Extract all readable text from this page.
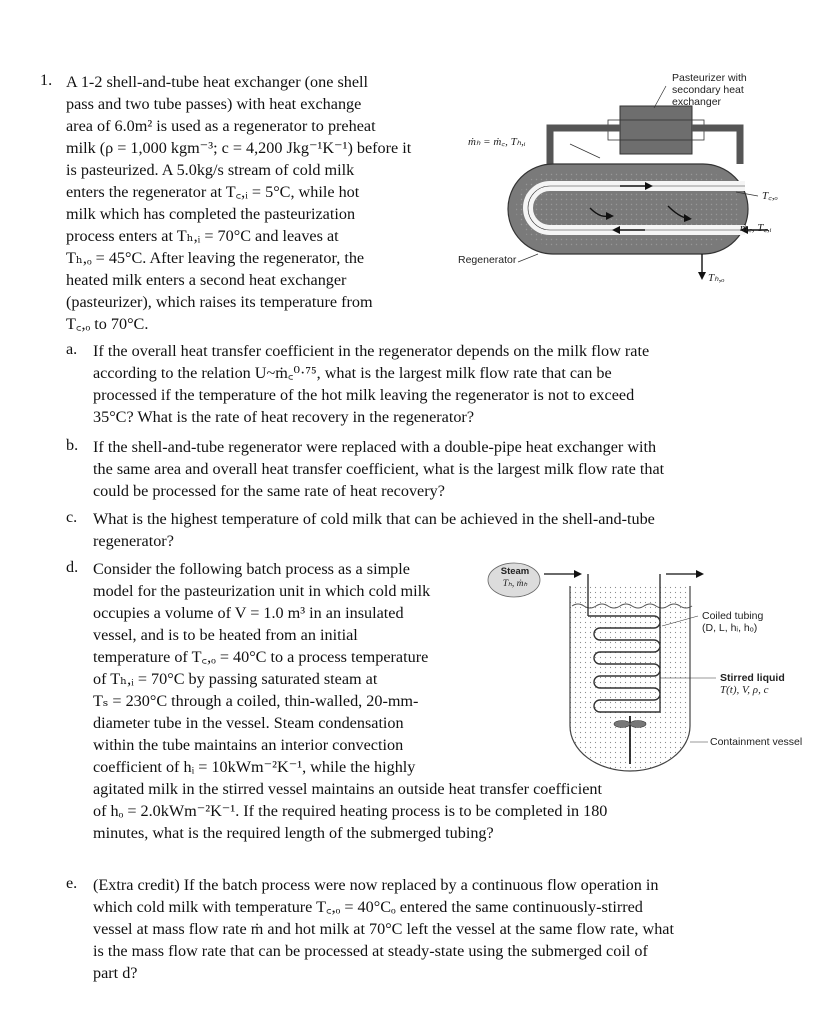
1. A 1-2 shell-and-tube heat exchanger (one shell

pass and two tube passes) with heat exchange

area of 6.0m² is used as a regenerator to preheat

milk (ρ = 1,000 kgm⁻³; c = 4,200 Jkg⁻¹K⁻¹) before it

is pasteurized. A 5.0kg/s stream of cold milk

enters the regenerator at T꜀,ᵢ = 5°C, while hot

milk which has completed the pasteurization

process enters at Tₕ,ᵢ = 70°C and leaves at

Tₕ,ₒ = 45°C. After leaving the regenerator, the

heated milk enters a second heat exchanger

(pasteurizer), which raises its temperature from

T꜀,ₒ to 70°C.

Pasteurizer with
secondary heat exchanger
ṁₕ = ṁ꜀, Tₕ,ᵢ
Regenerator
T꜀,ₒ
ṁ꜀, T꜀,ᵢ
Tₕ,ₒ
a. If the overall heat transfer coefficient in the regenerator depends on the milk flow rate

according to the relation U~ṁ꜀⁰·⁷⁵, what is the largest milk flow rate that can be

processed if the temperature of the hot milk leaving the regenerator is not to exceed

35°C? What is the rate of heat recovery in the regenerator?

b. If the shell-and-tube regenerator were replaced with a double-pipe heat exchanger with

the same area and overall heat transfer coefficient, what is the largest milk flow rate that

could be processed for the same rate of heat recovery?

c. What is the highest temperature of cold milk that can be achieved in the shell-and-tube

regenerator?

d. Consider the following batch process as a simple

model for the pasteurization unit in which cold milk

occupies a volume of V = 1.0 m³ in an insulated

vessel, and is to be heated from an initial

temperature of T꜀,ₒ = 40°C to a process temperature

of Tₕ,ᵢ = 70°C by passing saturated steam at

Tₛ = 230°C through a coiled, thin-walled, 20-mm-

diameter tube in the vessel. Steam condensation

within the tube maintains an interior convection

coefficient of hᵢ = 10kWm⁻²K⁻¹, while the highly

agitated milk in the stirred vessel maintains an outside heat transfer coefficient

of hₒ = 2.0kWm⁻²K⁻¹. If the required heating process is to be completed in 180

minutes, what is the required length of the submerged tubing?

Steam
Tₕ, ṁₕ
Coiled tubing
(D, L, hᵢ, hₒ)
Stirred liquid
T(t), V, ρ, c
Containment vessel
e. (Extra credit) If the batch process were now replaced by a continuous flow operation in

which cold milk with temperature T꜀,ₒ = 40°Cₒ entered the same continuously-stirred

vessel at mass flow rate ṁ and hot milk at 70°C left the vessel at the same flow rate, what

is the mass flow rate that can be processed at steady-state using the submerged coil of

part d?
